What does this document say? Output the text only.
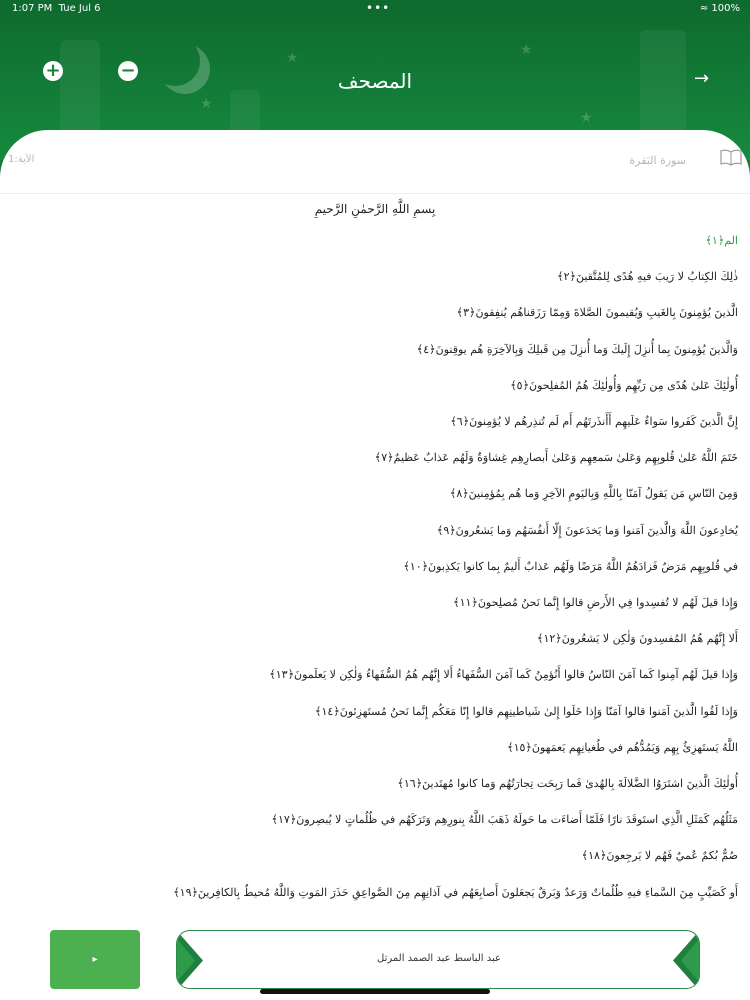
★
★	★
★
1:07 PM Tue Jul 6	•••	≈ 100%
+	−	المصحف	→
الآية:1	سورة البَقرة
بِسمِ اللَّهِ الرَّحمٰنِ الرَّحيمِ
الم﴿١﴾
ذٰلِكَ الكِتابُ لا رَيبَ فيهِ هُدًى لِلمُتَّقينَ﴿٢﴾
الَّذينَ يُؤمِنونَ بِالغَيبِ وَيُقيمونَ الصَّلاةَ وَمِمّا رَزَقناهُم يُنفِقونَ﴿٣﴾
وَالَّذينَ يُؤمِنونَ بِما أُنزِلَ إِلَيكَ وَما أُنزِلَ مِن قَبلِكَ وَبِالآخِرَةِ هُم يوقِنونَ﴿٤﴾
أُولٰئِكَ عَلىٰ هُدًى مِن رَبِّهِم وَأُولٰئِكَ هُمُ المُفلِحونَ﴿٥﴾
إِنَّ الَّذينَ كَفَروا سَواءٌ عَلَيهِم أَأَنذَرتَهُم أَم لَم تُنذِرهُم لا يُؤمِنونَ﴿٦﴾
خَتَمَ اللَّهُ عَلىٰ قُلوبِهِم وَعَلىٰ سَمعِهِم وَعَلىٰ أَبصارِهِم غِشاوَةٌ وَلَهُم عَذابٌ عَظيمٌ﴿٧﴾
وَمِنَ النّاسِ مَن يَقولُ آمَنّا بِاللَّهِ وَبِاليَومِ الآخِرِ وَما هُم بِمُؤمِنينَ﴿٨﴾
يُخادِعونَ اللَّهَ وَالَّذينَ آمَنوا وَما يَخدَعونَ إِلّا أَنفُسَهُم وَما يَشعُرونَ﴿٩﴾
في قُلوبِهِم مَرَضٌ فَزادَهُمُ اللَّهُ مَرَضًا وَلَهُم عَذابٌ أَليمٌ بِما كانوا يَكذِبونَ﴿١٠﴾
وَإِذا قيلَ لَهُم لا تُفسِدوا فِي الأَرضِ قالوا إِنَّما نَحنُ مُصلِحونَ﴿١١﴾
أَلا إِنَّهُم هُمُ المُفسِدونَ وَلٰكِن لا يَشعُرونَ﴿١٢﴾
وَإِذا قيلَ لَهُم آمِنوا كَما آمَنَ النّاسُ قالوا أَنُؤمِنُ كَما آمَنَ السُّفَهاءُ أَلا إِنَّهُم هُمُ السُّفَهاءُ وَلٰكِن لا يَعلَمونَ﴿١٣﴾
وَإِذا لَقُوا الَّذينَ آمَنوا قالوا آمَنّا وَإِذا خَلَوا إِلىٰ شَياطينِهِم قالوا إِنّا مَعَكُم إِنَّما نَحنُ مُستَهزِئونَ﴿١٤﴾
اللَّهُ يَستَهزِئُ بِهِم وَيَمُدُّهُم في طُغيانِهِم يَعمَهونَ﴿١٥﴾
أُولٰئِكَ الَّذينَ اشتَرَوُا الضَّلالَةَ بِالهُدىٰ فَما رَبِحَت تِجارَتُهُم وَما كانوا مُهتَدينَ﴿١٦﴾
مَثَلُهُم كَمَثَلِ الَّذِي استَوقَدَ نارًا فَلَمّا أَضاءَت ما حَولَهُ ذَهَبَ اللَّهُ بِنورِهِم وَتَرَكَهُم في ظُلُماتٍ لا يُبصِرونَ﴿١٧﴾
صُمٌّ بُكمٌ عُميٌ فَهُم لا يَرجِعونَ﴿١٨﴾
أَو كَصَيِّبٍ مِنَ السَّماءِ فيهِ ظُلُماتٌ وَرَعدٌ وَبَرقٌ يَجعَلونَ أَصابِعَهُم في آذانِهِم مِنَ الصَّواعِقِ حَذَرَ المَوتِ وَاللَّهُ مُحيطٌ بِالكافِرينَ﴿١٩﴾
▸	عبد الباسط عبد الصمد المرتل
